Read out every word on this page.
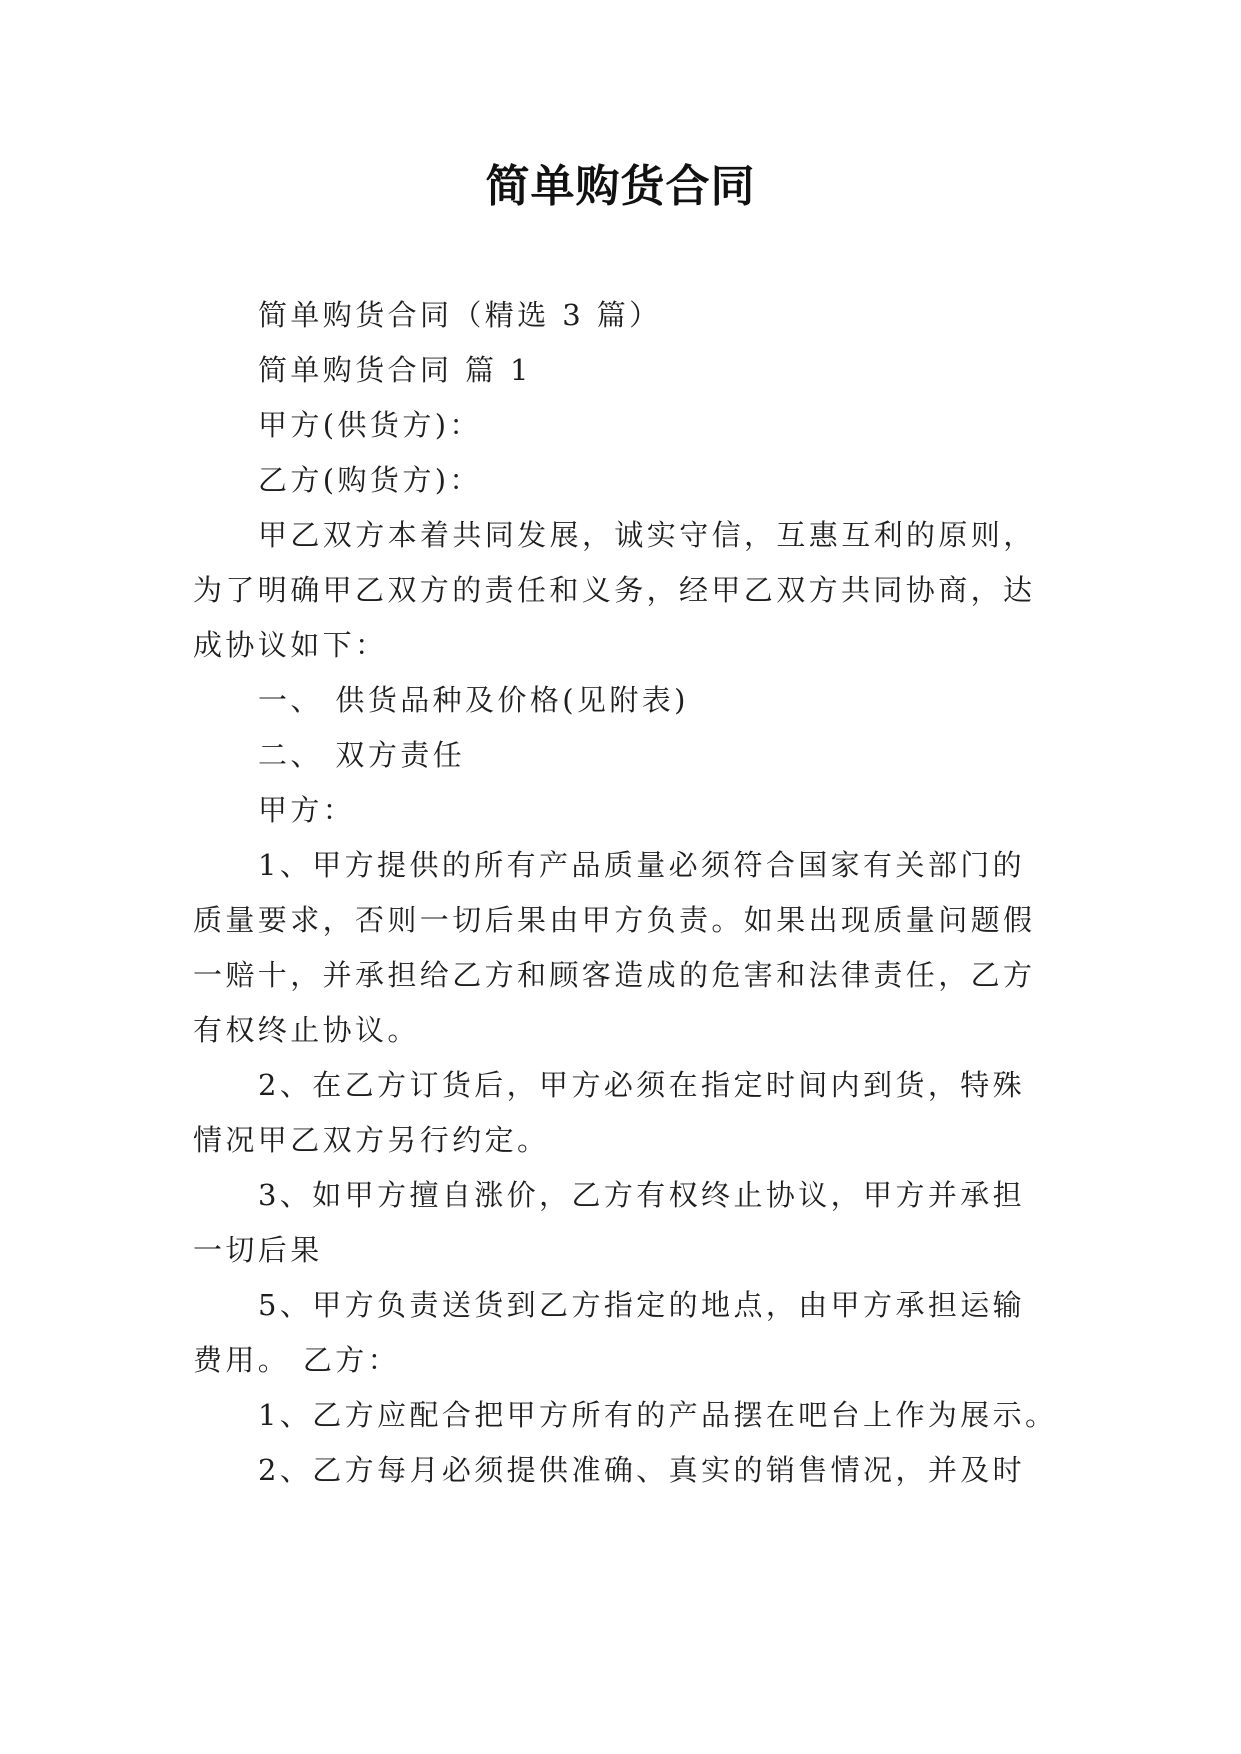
简单购货合同
简单购货合同（精选 3 篇）
简单购货合同 篇 1
甲方(供货方)：
乙方(购货方)：
甲乙双方本着共同发展，诚实守信，互惠互利的原则，
为了明确甲乙双方的责任和义务，经甲乙双方共同协商，达
成协议如下：
一、 供货品种及价格(见附表)
二、 双方责任
甲方：
1、甲方提供的所有产品质量必须符合国家有关部门的
质量要求，否则一切后果由甲方负责。如果出现质量问题假
一赔十，并承担给乙方和顾客造成的危害和法律责任，乙方
有权终止协议。
2、在乙方订货后，甲方必须在指定时间内到货，特殊
情况甲乙双方另行约定。
3、如甲方擅自涨价，乙方有权终止协议，甲方并承担
一切后果
5、甲方负责送货到乙方指定的地点，由甲方承担运输
费用。 乙方：
1、乙方应配合把甲方所有的产品摆在吧台上作为展示。
2、乙方每月必须提供准确、真实的销售情况，并及时
